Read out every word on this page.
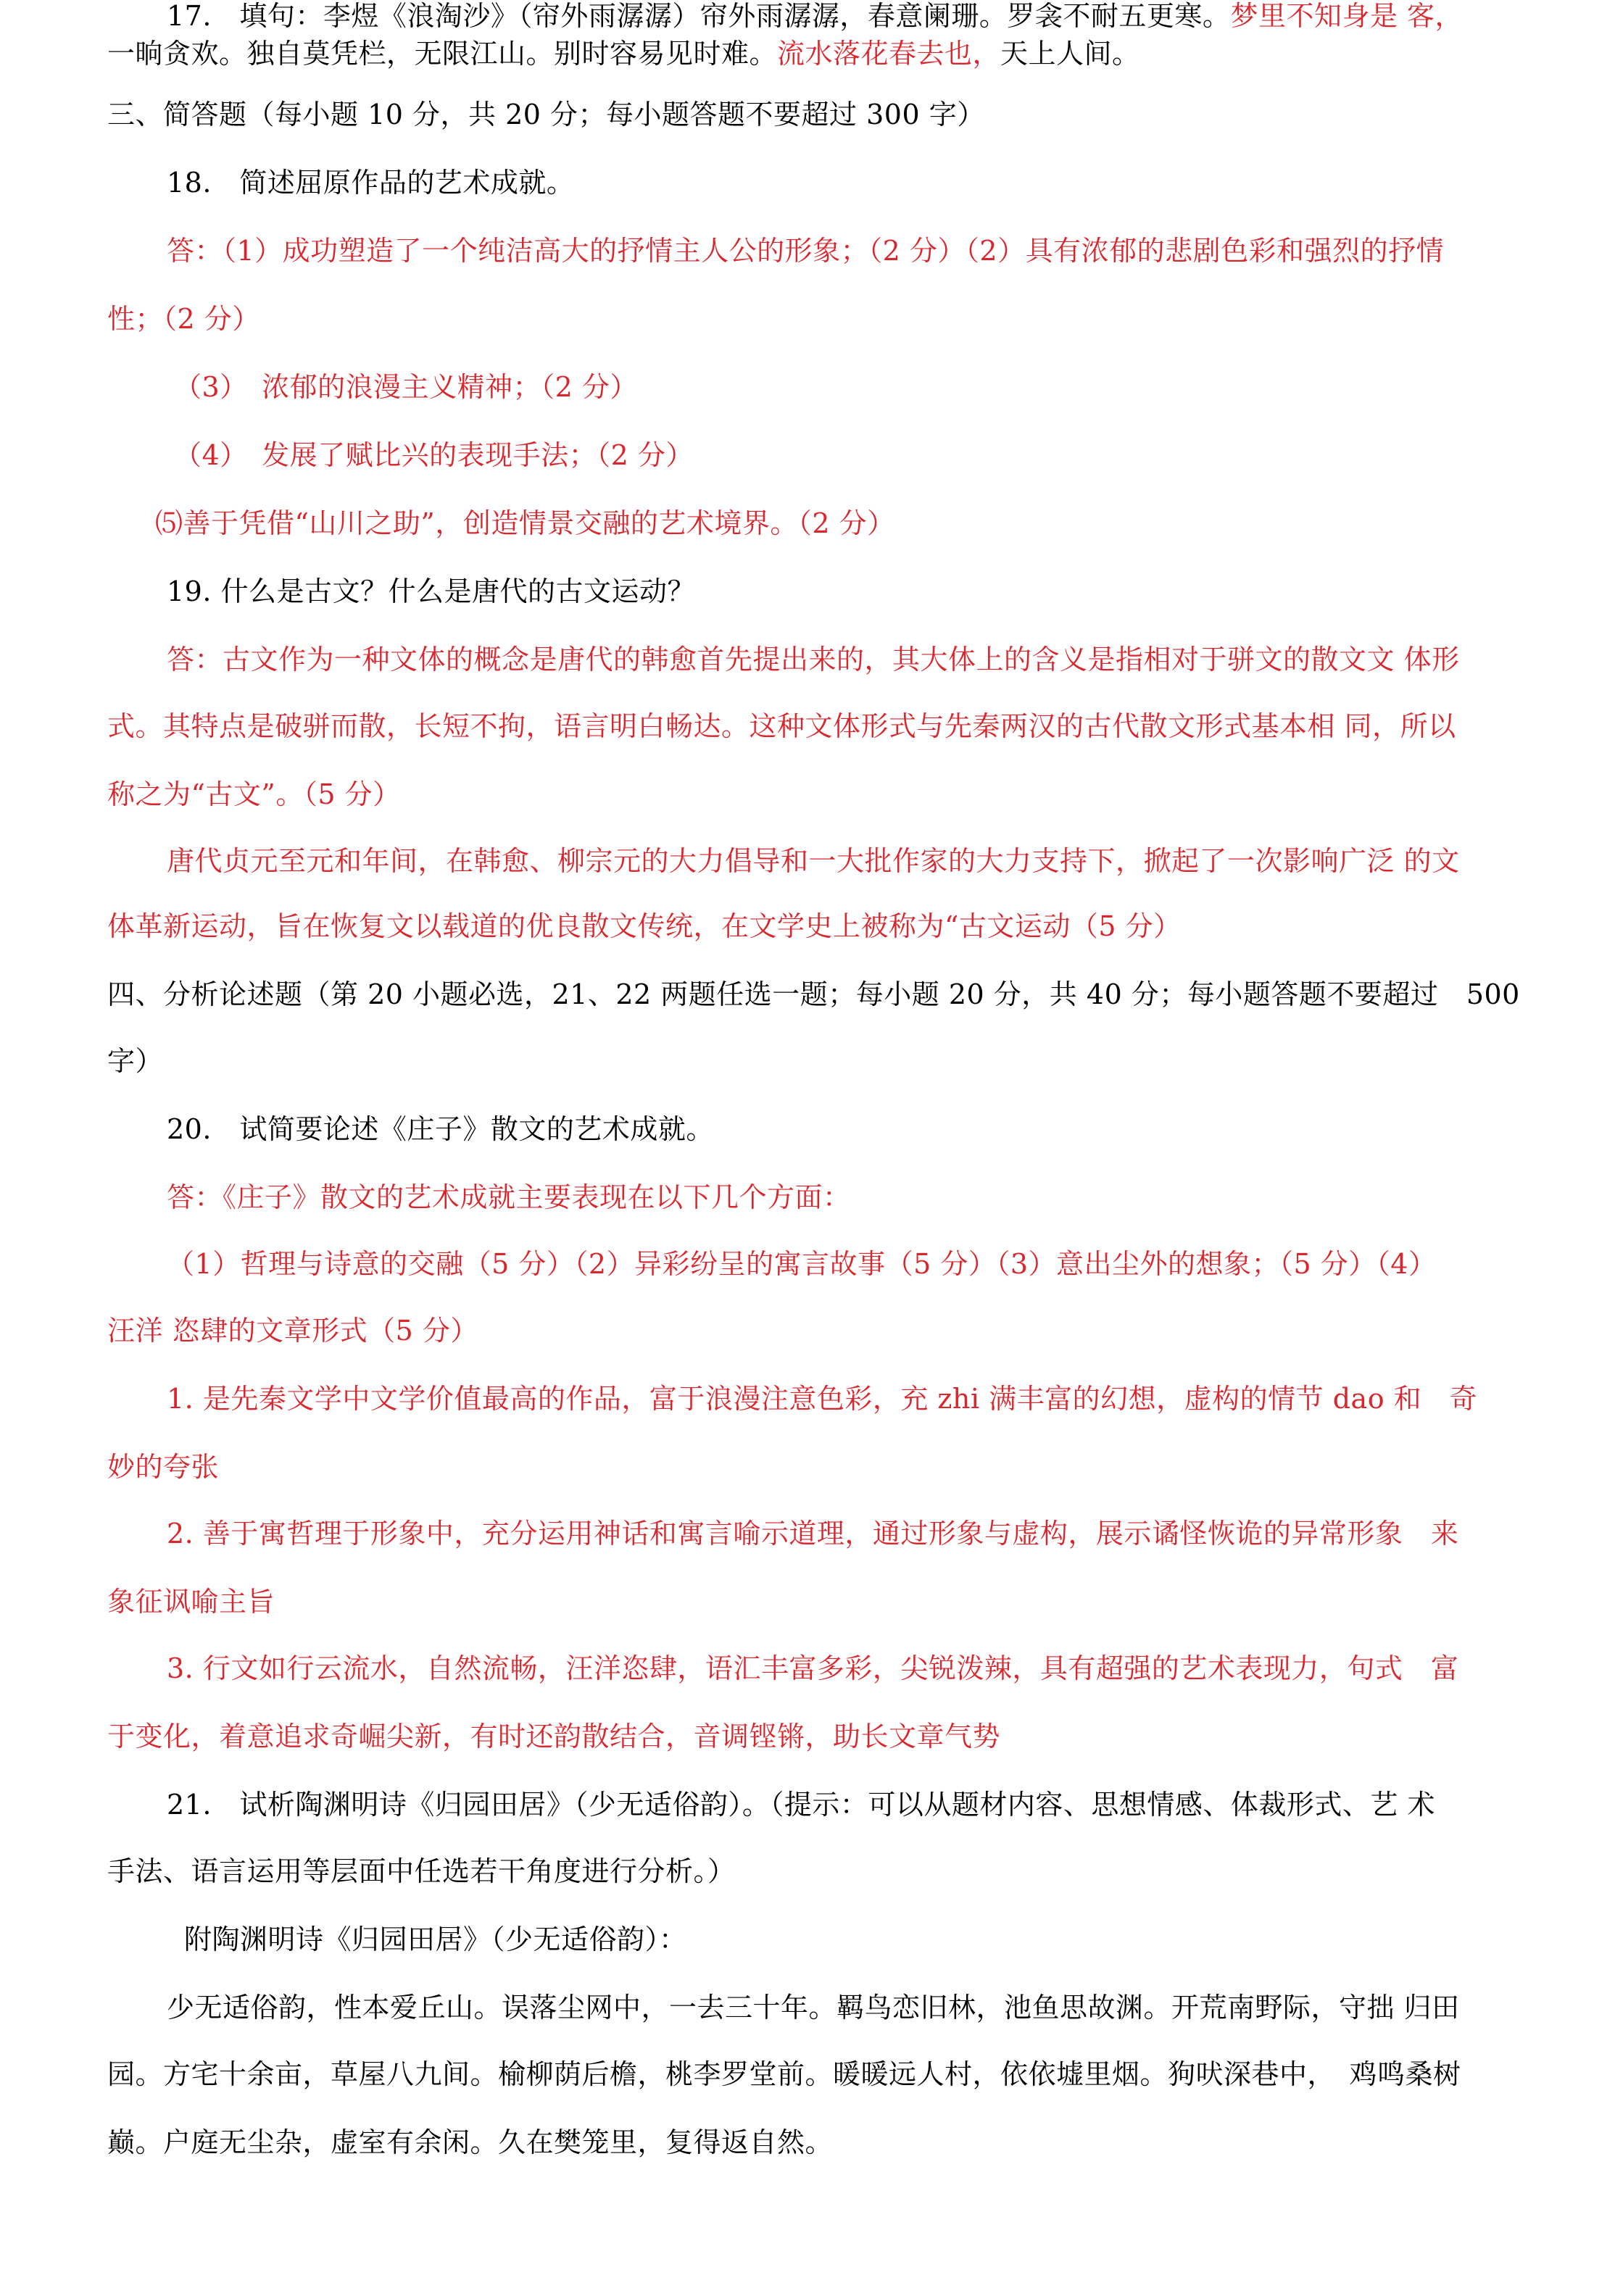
17.　填句：李煜《浪淘沙》（帘外雨潺潺）帘外雨潺潺，春意阑珊。罗衾不耐五更寒。梦里不知身是 客，
一晌贪欢。独自莫凭栏，无限江山。别时容易见时难。流水落花春去也，天上人间。
三、简答题（每小题 10 分，共 20 分；每小题答题不要超过 300 字）
18.　简述屈原作品的艺术成就。
答：（1）成功塑造了一个纯洁高大的抒情主人公的形象；（2 分）（2）具有浓郁的悲剧色彩和强烈的抒情
性；（2 分）
（3）　浓郁的浪漫主义精神；（2 分）
（4）　发展了赋比兴的表现手法；（2 分）
⑸善于凭借“山川之助”，创造情景交融的艺术境界。（2 分）
19. 什么是古文？什么是唐代的古文运动？
答：古文作为一种文体的概念是唐代的韩愈首先提出来的，其大体上的含义是指相对于骈文的散文文 体形
式。其特点是破骈而散，长短不拘，语言明白畅达。这种文体形式与先秦两汉的古代散文形式基本相 同，所以
称之为“古文”。（5 分）
唐代贞元至元和年间，在韩愈、柳宗元的大力倡导和一大批作家的大力支持下，掀起了一次影响广泛 的文
体革新运动，旨在恢复文以载道的优良散文传统，在文学史上被称为“古文运动（5 分）
四、分析论述题（第 20 小题必选，21、22 两题任选一题；每小题 20 分，共 40 分；每小题答题不要超过　500
字）
20.　试简要论述《庄子》散文的艺术成就。
答：《庄子》散文的艺术成就主要表现在以下几个方面：
（1）哲理与诗意的交融（5 分）（2）异彩纷呈的寓言故事（5 分）（3）意出尘外的想象；（5 分）（4）
汪洋 恣肆的文章形式（5 分）
1. 是先秦文学中文学价值最高的作品，富于浪漫注意色彩，充 zhi 满丰富的幻想，虚构的情节 dao 和　奇
妙的夸张
2. 善于寓哲理于形象中，充分运用神话和寓言喻示道理，通过形象与虚构，展示谲怪恢诡的异常形象　来
象征讽喻主旨
3. 行文如行云流水，自然流畅，汪洋恣肆，语汇丰富多彩，尖锐泼辣，具有超强的艺术表现力，句式　富
于变化，着意追求奇崛尖新，有时还韵散结合，音调铿锵，助长文章气势
21.　试析陶渊明诗《归园田居》（少无适俗韵）。（提示：可以从题材内容、思想情感、体裁形式、艺 术
手法、语言运用等层面中任选若干角度进行分析。）
附陶渊明诗《归园田居》（少无适俗韵）：
少无适俗韵，性本爱丘山。误落尘网中，一去三十年。羁鸟恋旧林，池鱼思故渊。开荒南野际，守拙 归田
园。方宅十余亩，草屋八九间。榆柳荫后檐，桃李罗堂前。暖暖远人村，依依墟里烟。狗吠深巷中，　鸡鸣桑树
巅。户庭无尘杂，虚室有余闲。久在樊笼里，复得返自然。
